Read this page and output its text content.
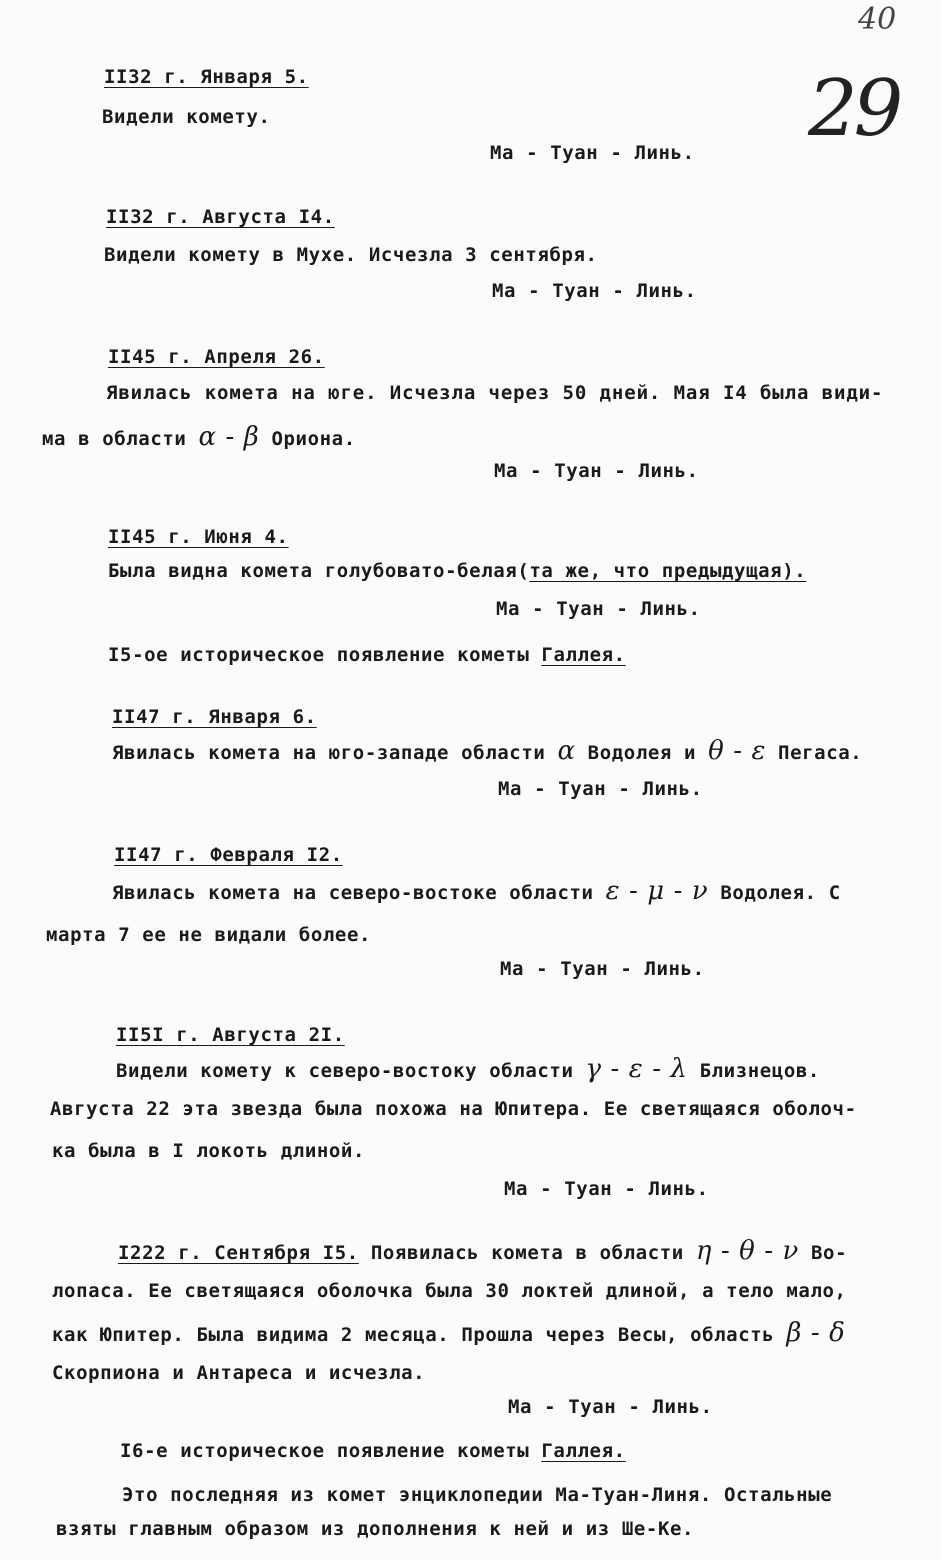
40
29
II32 г. Января 5.
Видели комету.
Ма - Туан - Линь.
II32 г. Августа I4.
Видели комету в Мухе. Исчезла 3 сентября.
Ма - Туан - Линь.
II45 г. Апреля 26.
Явилась комета на юге. Исчезла через 50 дней. Мая I4 была види-
ма в области α - β Ориона.
Ма - Туан - Линь.
II45 г. Июня 4.
Была видна комета голубовато-белая(та же, что предыдущая).
Ма - Туан - Линь.
I5-ое историческое появление кометы Галлея.
II47 г. Января 6.
Явилась комета на юго-западе области α Водолея и θ - ε Пегаса.
Ма - Туан - Линь.
II47 г. Февраля I2.
Явилась комета на северо-востоке области ε - μ - ν Водолея. С
марта 7 ее не видали более.
Ма - Туан - Линь.
II5I г. Августа 2I.
Видели комету к северо-востоку области γ - ε - λ Близнецов.
Августа 22 эта звезда была похожа на Юпитера. Ее светящаяся оболоч-
ка была в I локоть длиной.
Ма - Туан - Линь.
I222 г. Сентября I5. Появилась комета в области η - θ - ν Во-
лопаса. Ее светящаяся оболочка была 30 локтей длиной, а тело мало,
как Юпитер. Была видима 2 месяца. Прошла через Весы, область β - δ
Скорпиона и Антареса и исчезла.
Ма - Туан - Линь.
I6-е историческое появление кометы Галлея.
Это последняя из комет энциклопедии Ма-Туан-Линя. Остальные
взяты главным образом из дополнения к ней и из Ше-Ке.
